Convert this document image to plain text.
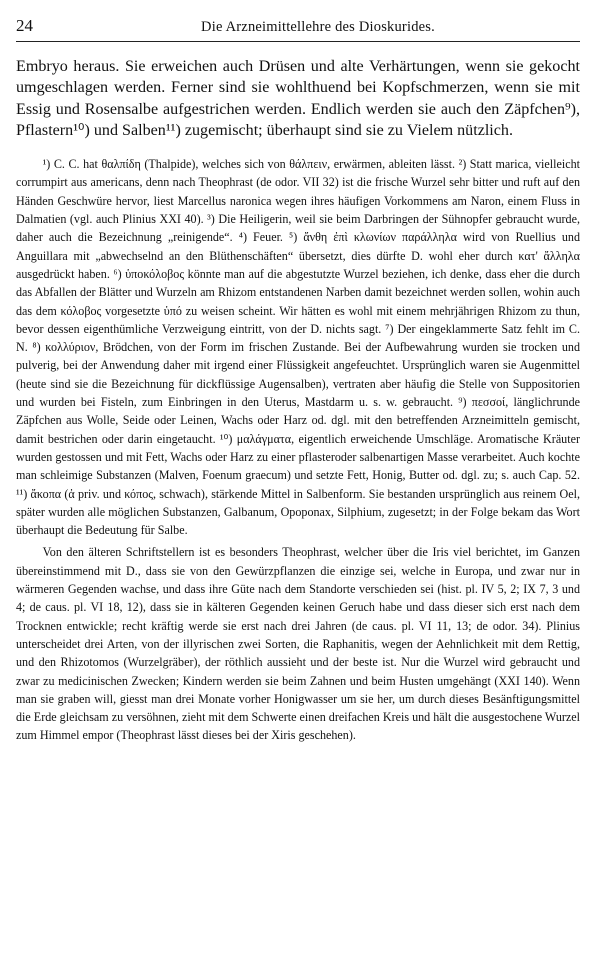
24	Die Arzneimittellehre des Dioskurides.

Embryo heraus. Sie erweichen auch Drüsen und alte Verhärtungen, wenn sie gekocht umgeschlagen werden. Ferner sind sie wohlthuend bei Kopfschmerzen, wenn sie mit Essig und Rosensalbe aufgestrichen werden. Endlich werden sie auch den Zäpfchen⁹), Pflastern¹⁰) und Salben¹¹) zugemischt; überhaupt sind sie zu Vielem nützlich.

¹) C. C. hat θαλπίδη (Thalpide), welches sich von θάλπειν, erwärmen, ableiten lässt. ²) Statt marica, vielleicht corrumpirt aus americans, denn nach Theophrast (de odor. VII 32) ist die frische Wurzel sehr bitter und ruft auf den Händen Geschwüre hervor, liest Marcellus naronica wegen ihres häufigen Vorkommens am Naron, einem Fluss in Dalmatien (vgl. auch Plinius XXI 40). ³) Die Heiligerin, weil sie beim Darbringen der Sühnopfer gebraucht wurde, daher auch die Bezeichnung „reinigende“. ⁴) Feuer. ⁵) ἄνθη ἐπὶ κλωνίων παράλληλα wird von Ruellius und Anguillara mit „abwechselnd an den Blüthenschäften“ übersetzt, dies dürfte D. wohl eher durch κατ' ἄλληλα ausgedrückt haben. ⁶) ὑποκόλοβος könnte man auf die abgestutzte Wurzel beziehen, ich denke, dass eher die durch das Abfallen der Blätter und Wurzeln am Rhizom entstandenen Narben damit bezeichnet werden sollen, wohin auch das dem κόλοβος vorgesetzte ὑπό zu weisen scheint. Wir hätten es wohl mit einem mehrjährigen Rhizom zu thun, bevor dessen eigenthümliche Verzweigung eintritt, von der D. nichts sagt. ⁷) Der eingeklammerte Satz fehlt im C. N. ⁸) κολλύριον, Brödchen, von der Form im frischen Zustande. Bei der Aufbewahrung wurden sie trocken und pulverig, bei der Anwendung daher mit irgend einer Flüssigkeit angefeuchtet. Ursprünglich waren sie Augenmittel (heute sind sie die Bezeichnung für dickflüssige Augensalben), vertraten aber häufig die Stelle von Suppositorien und wurden bei Fisteln, zum Einbringen in den Uterus, Mastdarm u. s. w. gebraucht. ⁹) πεσσοί, länglichrunde Zäpfchen aus Wolle, Seide oder Leinen, Wachs oder Harz od. dgl. mit den betreffenden Arzneimitteln gemischt, damit bestrichen oder darin eingetaucht. ¹⁰) μαλάγματα, eigentlich erweichende Umschläge. Aromatische Kräuter wurden gestossen und mit Fett, Wachs oder Harz zu einer pflasteroder salbenartigen Masse verarbeitet. Auch kochte man schleimige Substanzen (Malven, Foenum graecum) und setzte Fett, Honig, Butter od. dgl. zu; s. auch Cap. 52. ¹¹) ἄκοπα (ἀ priv. und κόπος, schwach), stärkende Mittel in Salbenform. Sie bestanden ursprünglich aus reinem Oel, später wurden alle möglichen Substanzen, Galbanum, Opoponax, Silphium, zugesetzt; in der Folge bekam das Wort überhaupt die Bedeutung für Salbe.

Von den älteren Schriftstellern ist es besonders Theophrast, welcher über die Iris viel berichtet, im Ganzen übereinstimmend mit D., dass sie von den Gewürzpflanzen die einzige sei, welche in Europa, und zwar nur in wärmeren Gegenden wachse, und dass ihre Güte nach dem Standorte verschieden sei (hist. pl. IV 5, 2; IX 7, 3 und 4; de caus. pl. VI 18, 12), dass sie in kälteren Gegenden keinen Geruch habe und dass dieser sich erst nach dem Trocknen entwickle; recht kräftig werde sie erst nach drei Jahren (de caus. pl. VI 11, 13; de odor. 34). Plinius unterscheidet drei Arten, von der illyrischen zwei Sorten, die Raphanitis, wegen der Aehnlichkeit mit dem Rettig, und den Rhizotomos (Wurzelgräber), der röthlich aussieht und der beste ist. Nur die Wurzel wird gebraucht und zwar zu medicinischen Zwecken; Kindern werden sie beim Zahnen und beim Husten umgehängt (XXI 140). Wenn man sie graben will, giesst man drei Monate vorher Honigwasser um sie her, um durch dieses Besänftigungsmittel die Erde gleichsam zu versöhnen, zieht mit dem Schwerte einen dreifachen Kreis und hält die ausgestochene Wurzel zum Himmel empor (Theophrast lässt dieses bei der Xiris geschehen).
